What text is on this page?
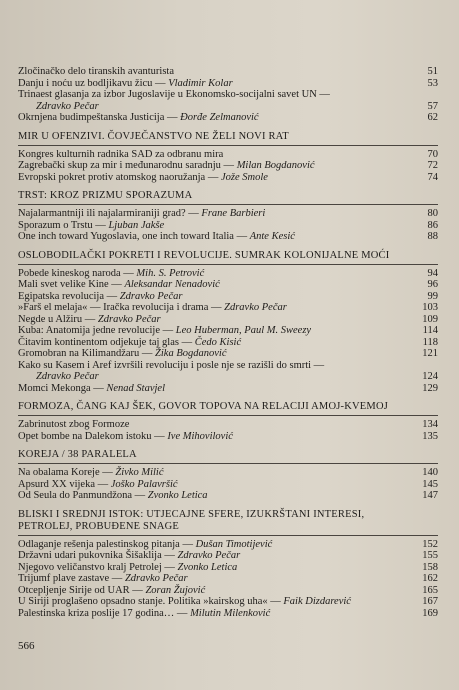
Zločinačko delo tiranskih avanturista	51
Danju i noću uz bodljikavu žicu — Vladimir Kolar	53
Trinaest glasanja za izbor Jugoslavije u Ekonomsko-socijalni savet UN —
Zdravko Pečar	57
Okrnjena budimpeštanska Justicija — Đorđe Zelmanović	62
MIR U OFENZIVI. ČOVJEČANSTVO NE ŽELI NOVI RAT
Kongres kulturnih radnika SAD za odbranu mira	70
Zagrebački skup za mir i međunarodnu saradnju — Milan Bogdanović	72
Evropski pokret protiv atomskog naoružanja — Jože Smole	74
TRST: KROZ PRIZMU SPORAZUMA
Najalarmantniji ili najalarmiraniji grad? — Frane Barbieri	80
Sporazum o Trstu — Ljuban Jakše	86
One inch toward Yugoslavia, one inch toward Italia — Ante Kesić	88
OSLOBODILAČKI POKRETI I REVOLUCIJE. SUMRAK KOLONIJALNE MOĆI
Pobede kineskog naroda — Mih. S. Petrović	94
Mali svet velike Kine — Aleksandar Nenadović	96
Egipatska revolucija — Zdravko Pečar	99
»Farš el melaja« — Iračka revolucija i drama — Zdravko Pečar	103
Negde u Alžiru — Zdravko Pečar	109
Kuba: Anatomija jedne revolucije — Leo Huberman, Paul M. Sweezy	114
Čitavim kontinentom odjekuje taj glas — Čedo Kisić	118
Gromobran na Kilimandžaru — Žika Bogdanović	121
Kako su Kasem i Aref izvršili revoluciju i posle nje se razišli do smrti —
Zdravko Pečar	124
Momci Mekonga — Nenad Stavjel	129
FORMOZA, ČANG KAJ ŠEK, GOVOR TOPOVA NA RELACIJI AMOJ-KVEMOJ
Zabrinutost zbog Formoze	134
Opet bombe na Dalekom istoku — Ive Mihovilović	135
KOREJA / 38 PARALELA
Na obalama Koreje — Živko Milić	140
Apsurd XX vijeka — Joško Palavršić	145
Od Seula do Panmundžona — Zvonko Letica	147
BLISKI I SREDNJI ISTOK: UTJECAJNE SFERE, IZUKRŠTANI INTERESI, PETROLEJ, PROBUĐENE SNAGE
Odlaganje rešenja palestinskog pitanja — Dušan Timotijević	152
Državni udari pukovnika Šišaklija — Zdravko Pečar	155
Njegovo veličanstvo kralj Petrolej — Zvonko Letica	158
Trijumf plave zastave — Zdravko Pečar	162
Otcepljenje Sirije od UAR — Zoran Žujović	165
U Siriji proglašeno opsadno stanje. Politika »kairskog uha« — Faik Dizdarević	167
Palestinska kriza poslije 17 godina… — Milutin Milenković	169
566
